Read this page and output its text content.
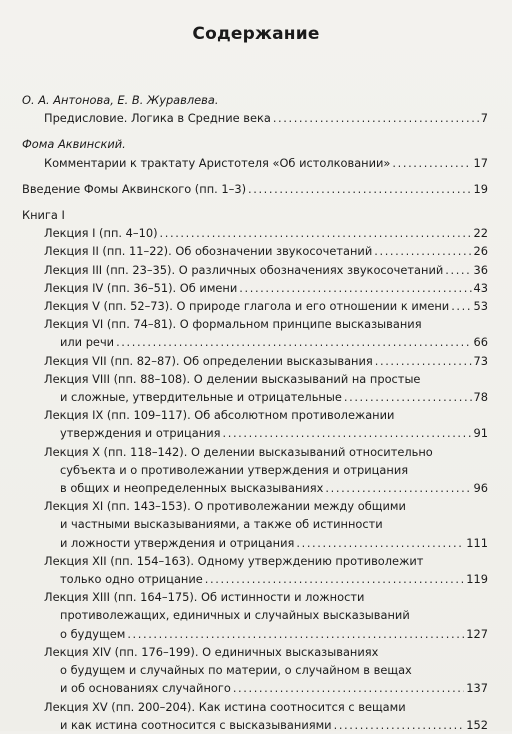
Содержание
О. А. Антонова, Е. В. Журавлева.
Предисловие. Логика в Средние века .....	7
Фома Аквинский.
Комментарии к трактату Аристотеля «Об истолковании» .....	17
Введение Фомы Аквинского (пп. 1–3) .....	19
Книга I
Лекция I (пп. 4–10) .....	22
Лекция II (пп. 11–22). Об обозначении звукосочетаний .....	26
Лекция III (пп. 23–35). О различных обозначениях звукосочетаний .....	36
Лекция IV (пп. 36–51). Об имени .....	43
Лекция V (пп. 52–73). О природе глагола и его отношении к имени ..... 53
Лекция VI (пп. 74–81). О формальном принципе высказывания
или речи .....	66
Лекция VII (пп. 82–87). Об определении высказывания .....	73
Лекция VIII (пп. 88–108). О делении высказываний на простые
и сложные, утвердительные и отрицательные .....	78
Лекция IX (пп. 109–117). Об абсолютном противолежании
утверждения и отрицания .....	91
Лекция X (пп. 118–142). О делении высказываний относительно
субъекта и о противолежании утверждения и отрицания
в общих и неопределенных высказываниях .....	96
Лекция XI (пп. 143–153). О противолежании между общими
и частными высказываниями, а также об истинности
и ложности утверждения и отрицания .....	111
Лекция XII (пп. 154–163). Одному утверждению противолежит
только одно отрицание .....	119
Лекция XIII (пп. 164–175). Об истинности и ложности
противолежащих, единичных и случайных высказываний
о будущем .....	127
Лекция XIV (пп. 176–199). О единичных высказываниях
о будущем и случайных по материи, о случайном в вещах
и об основаниях случайного .....	137
Лекция XV (пп. 200–204). Как истина соотносится с вещами
и как истина соотносится с высказываниями .....	152
